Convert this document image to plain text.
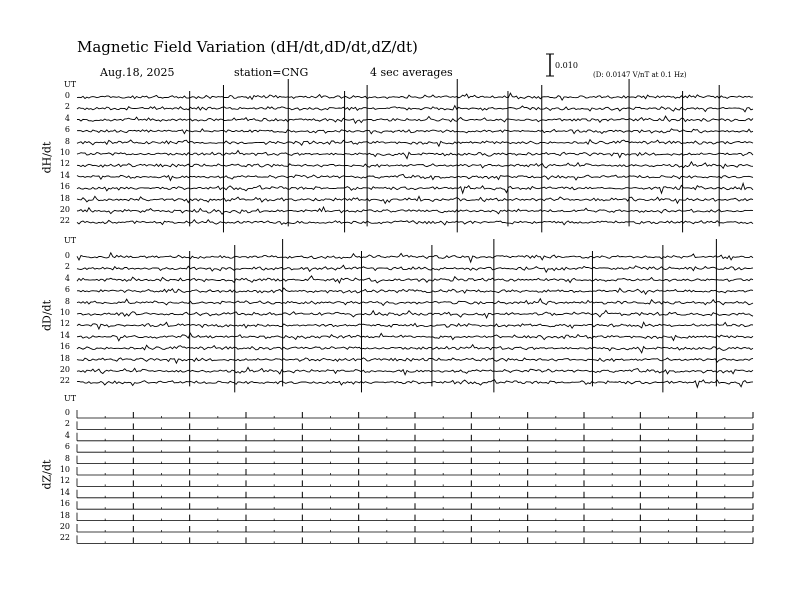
Magnetic Field Variation (dH/dt,dD/dt,dZ/dt)
Aug.18, 2025	station=CNG	4 sec averages
0.010
(D: 0.0147 V/nT at 0.1 Hz)
UT
dH/dt
0
2
4
6
8
10
12
14
16
18
20
22
UT
dD/dt
0
2
4
6
8
10
12
14
16
18
20
22
UT
dZ/dt
0
2
4
6
8
10
12
14
16
18
20
22
